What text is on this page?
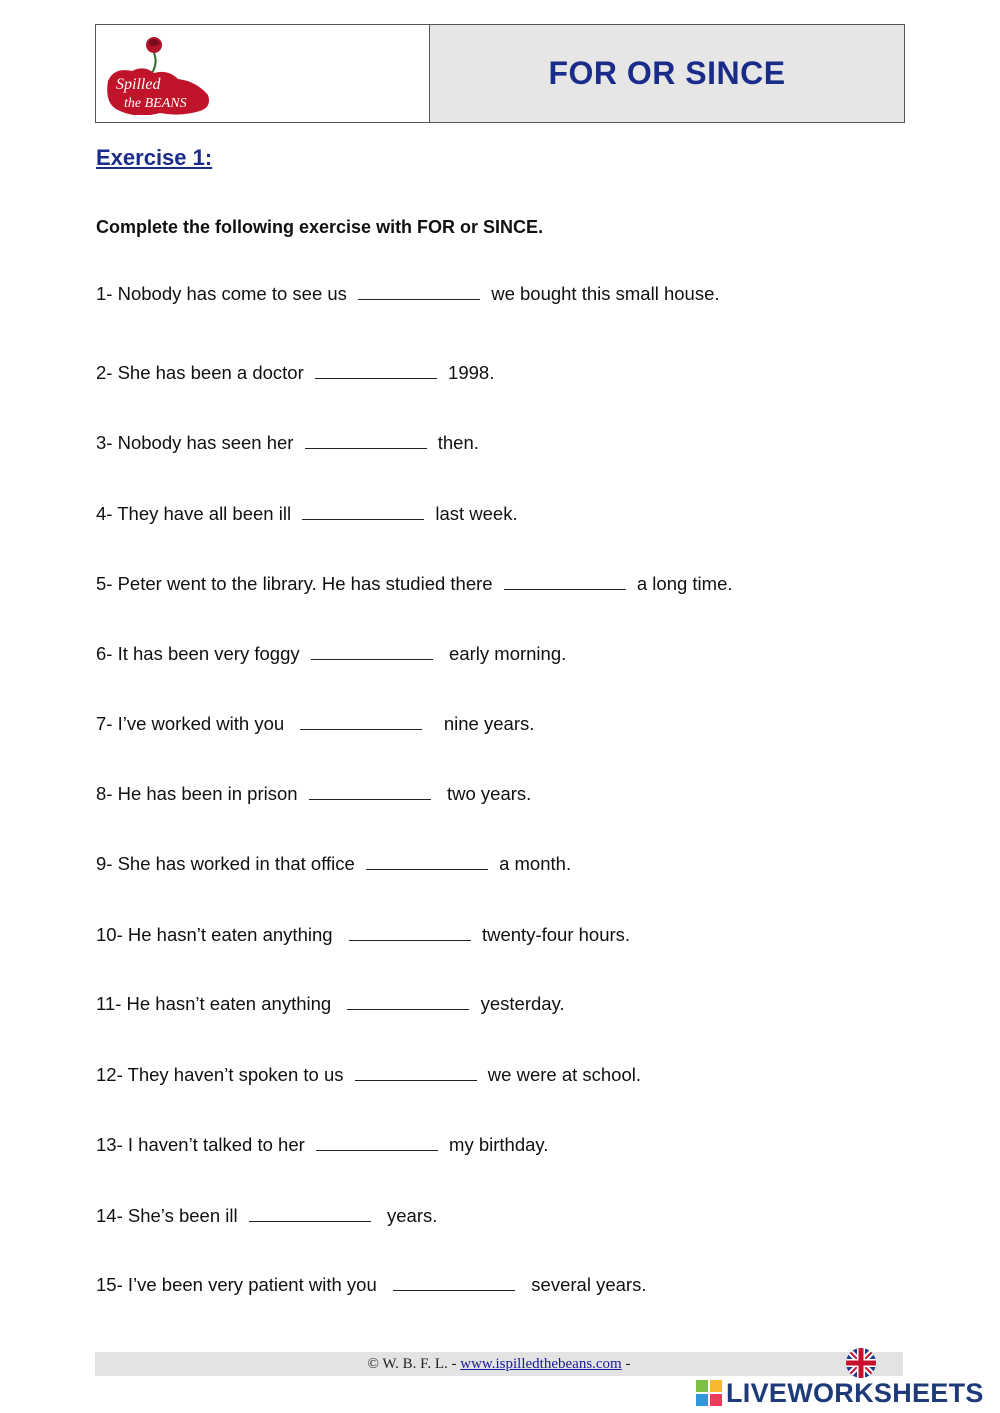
Spilled
the BEANS
FOR OR SINCE

Exercise 1:

Complete the following exercise with FOR or SINCE.

1- Nobody has come to see us	we bought this small house.

2- She has been a doctor	1998.

3- Nobody has seen her	then.

4- They have all been ill	last week.

5- Peter went to the library. He has studied there	a long time.

6- It has been very foggy	early morning.

7- I’ve worked with you	nine years.

8- He has been in prison	two years.

9- She has worked in that office	a month.

10- He hasn’t eaten anything	twenty-four hours.

11- He hasn’t eaten anything	yesterday.

12- They haven’t spoken to us	we were at school.

13- I haven’t talked to her	my birthday.

14- She’s been ill	years.

15- I’ve been very patient with you	several years.

© W. B. F. L. - www.ispilledthebeans.com -
LIVEWORKSHEETS
